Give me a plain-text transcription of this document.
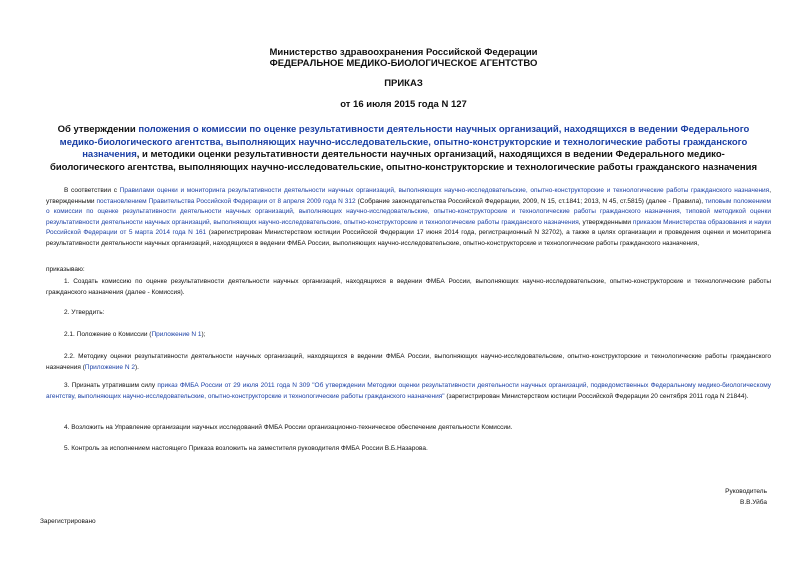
Министерство здравоохранения Российской Федерации
ФЕДЕРАЛЬНОЕ МЕДИКО-БИОЛОГИЧЕСКОЕ АГЕНТСТВО
ПРИКАЗ
от 16 июля 2015 года N 127
Об утверждении положения о комиссии по оценке результативности деятельности научных организаций, находящихся в ведении Федерального медико-биологического агентства, выполняющих научно-исследовательские, опытно-конструкторские и технологические работы гражданского назначения, и методики оценки результативности деятельности научных организаций, находящихся в ведении Федерального медико-биологического агентства, выполняющих научно-исследовательские, опытно-конструкторские и технологические работы гражданского назначения

В соответствии с Правилами оценки и мониторинга результативности деятельности научных организаций, выполняющих научно-исследовательские, опытно-конструкторские и технологические работы гражданского назначения, утвержденными постановлением Правительства Российской Федерации от 8 апреля 2009 года N 312 (Собрание законодательства Российской Федерации, 2009, N 15, ст.1841; 2013, N 45, ст.5815) (далее - Правила), типовым положением о комиссии по оценке результативности деятельности научных организаций, выполняющих научно-исследовательские, опытно-конструкторские и технологические работы гражданского назначения, типовой методикой оценки результативности деятельности научных организаций, выполняющих научно-исследовательские, опытно-конструкторские и технологические работы гражданского назначения, утвержденными приказом Министерства образования и науки Российской Федерации от 5 марта 2014 года N 161 (зарегистрирован Министерством юстиции Российской Федерации 17 июня 2014 года, регистрационный N 32702), а также в целях организации и проведения оценки и мониторинга результативности деятельности научных организаций, находящихся в ведении ФМБА России, выполняющих научно-исследовательские, опытно-конструкторские и технологические работы гражданского назначения,

приказываю:

1. Создать комиссию по оценке результативности деятельности научных организаций, находящихся в ведении ФМБА России, выполняющих научно-исследовательские, опытно-конструкторские и технологические работы гражданского назначения (далее - Комиссия).

2. Утвердить:

2.1. Положение о Комиссии (Приложение N 1);

2.2. Методику оценки результативности деятельности научных организаций, находящихся в ведении ФМБА России, выполняющих научно-исследовательские, опытно-конструкторские и технологические работы гражданского назначения (Приложение N 2).

3. Признать утратившим силу приказ ФМБА России от 29 июля 2011 года N 309 "Об утверждении Методики оценки результативности деятельности научных организаций, подведомственных Федеральному медико-биологическому агентству, выполняющих научно-исследовательские, опытно-конструкторские и технологические работы гражданского назначения" (зарегистрирован Министерством юстиции Российской Федерации 20 сентября 2011 года N 21844).

4. Возложить на Управление организации научных исследований ФМБА России организационно-техническое обеспечение деятельности Комиссии.

5. Контроль за исполнением настоящего Приказа возложить на заместителя руководителя ФМБА России В.Б.Назарова.

Руководитель
В.В.Уйба
Зарегистрировано
